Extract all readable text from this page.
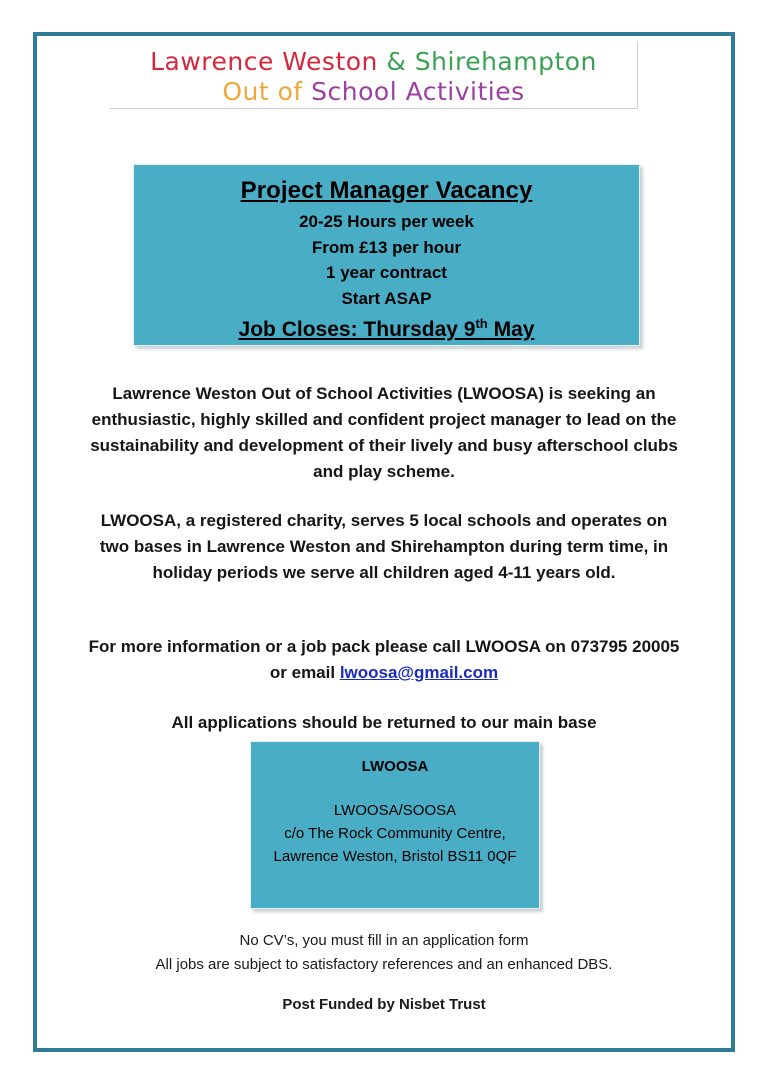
Lawrence Weston & Shirehampton
Out of School Activities
Project Manager Vacancy
20-25 Hours per week
From £13 per hour
1 year contract
Start ASAP
Job Closes: Thursday 9th May
Lawrence Weston Out of School Activities (LWOOSA) is seeking an enthusiastic, highly skilled and confident project manager to lead on the sustainability and development of their lively and busy afterschool clubs and play scheme.
LWOOSA, a registered charity, serves 5 local schools and operates on two bases in Lawrence Weston and Shirehampton during term time, in holiday periods we serve all children aged 4-11 years old.
For more information or a job pack please call LWOOSA on 073795 20005 or email lwoosa@gmail.com
All applications should be returned to our main base
LWOOSA
LWOOSA/SOOSA
c/o The Rock Community Centre,
Lawrence Weston, Bristol BS11 0QF
No CV’s, you must fill in an application form
All jobs are subject to satisfactory references and an enhanced DBS.
Post Funded by Nisbet Trust
